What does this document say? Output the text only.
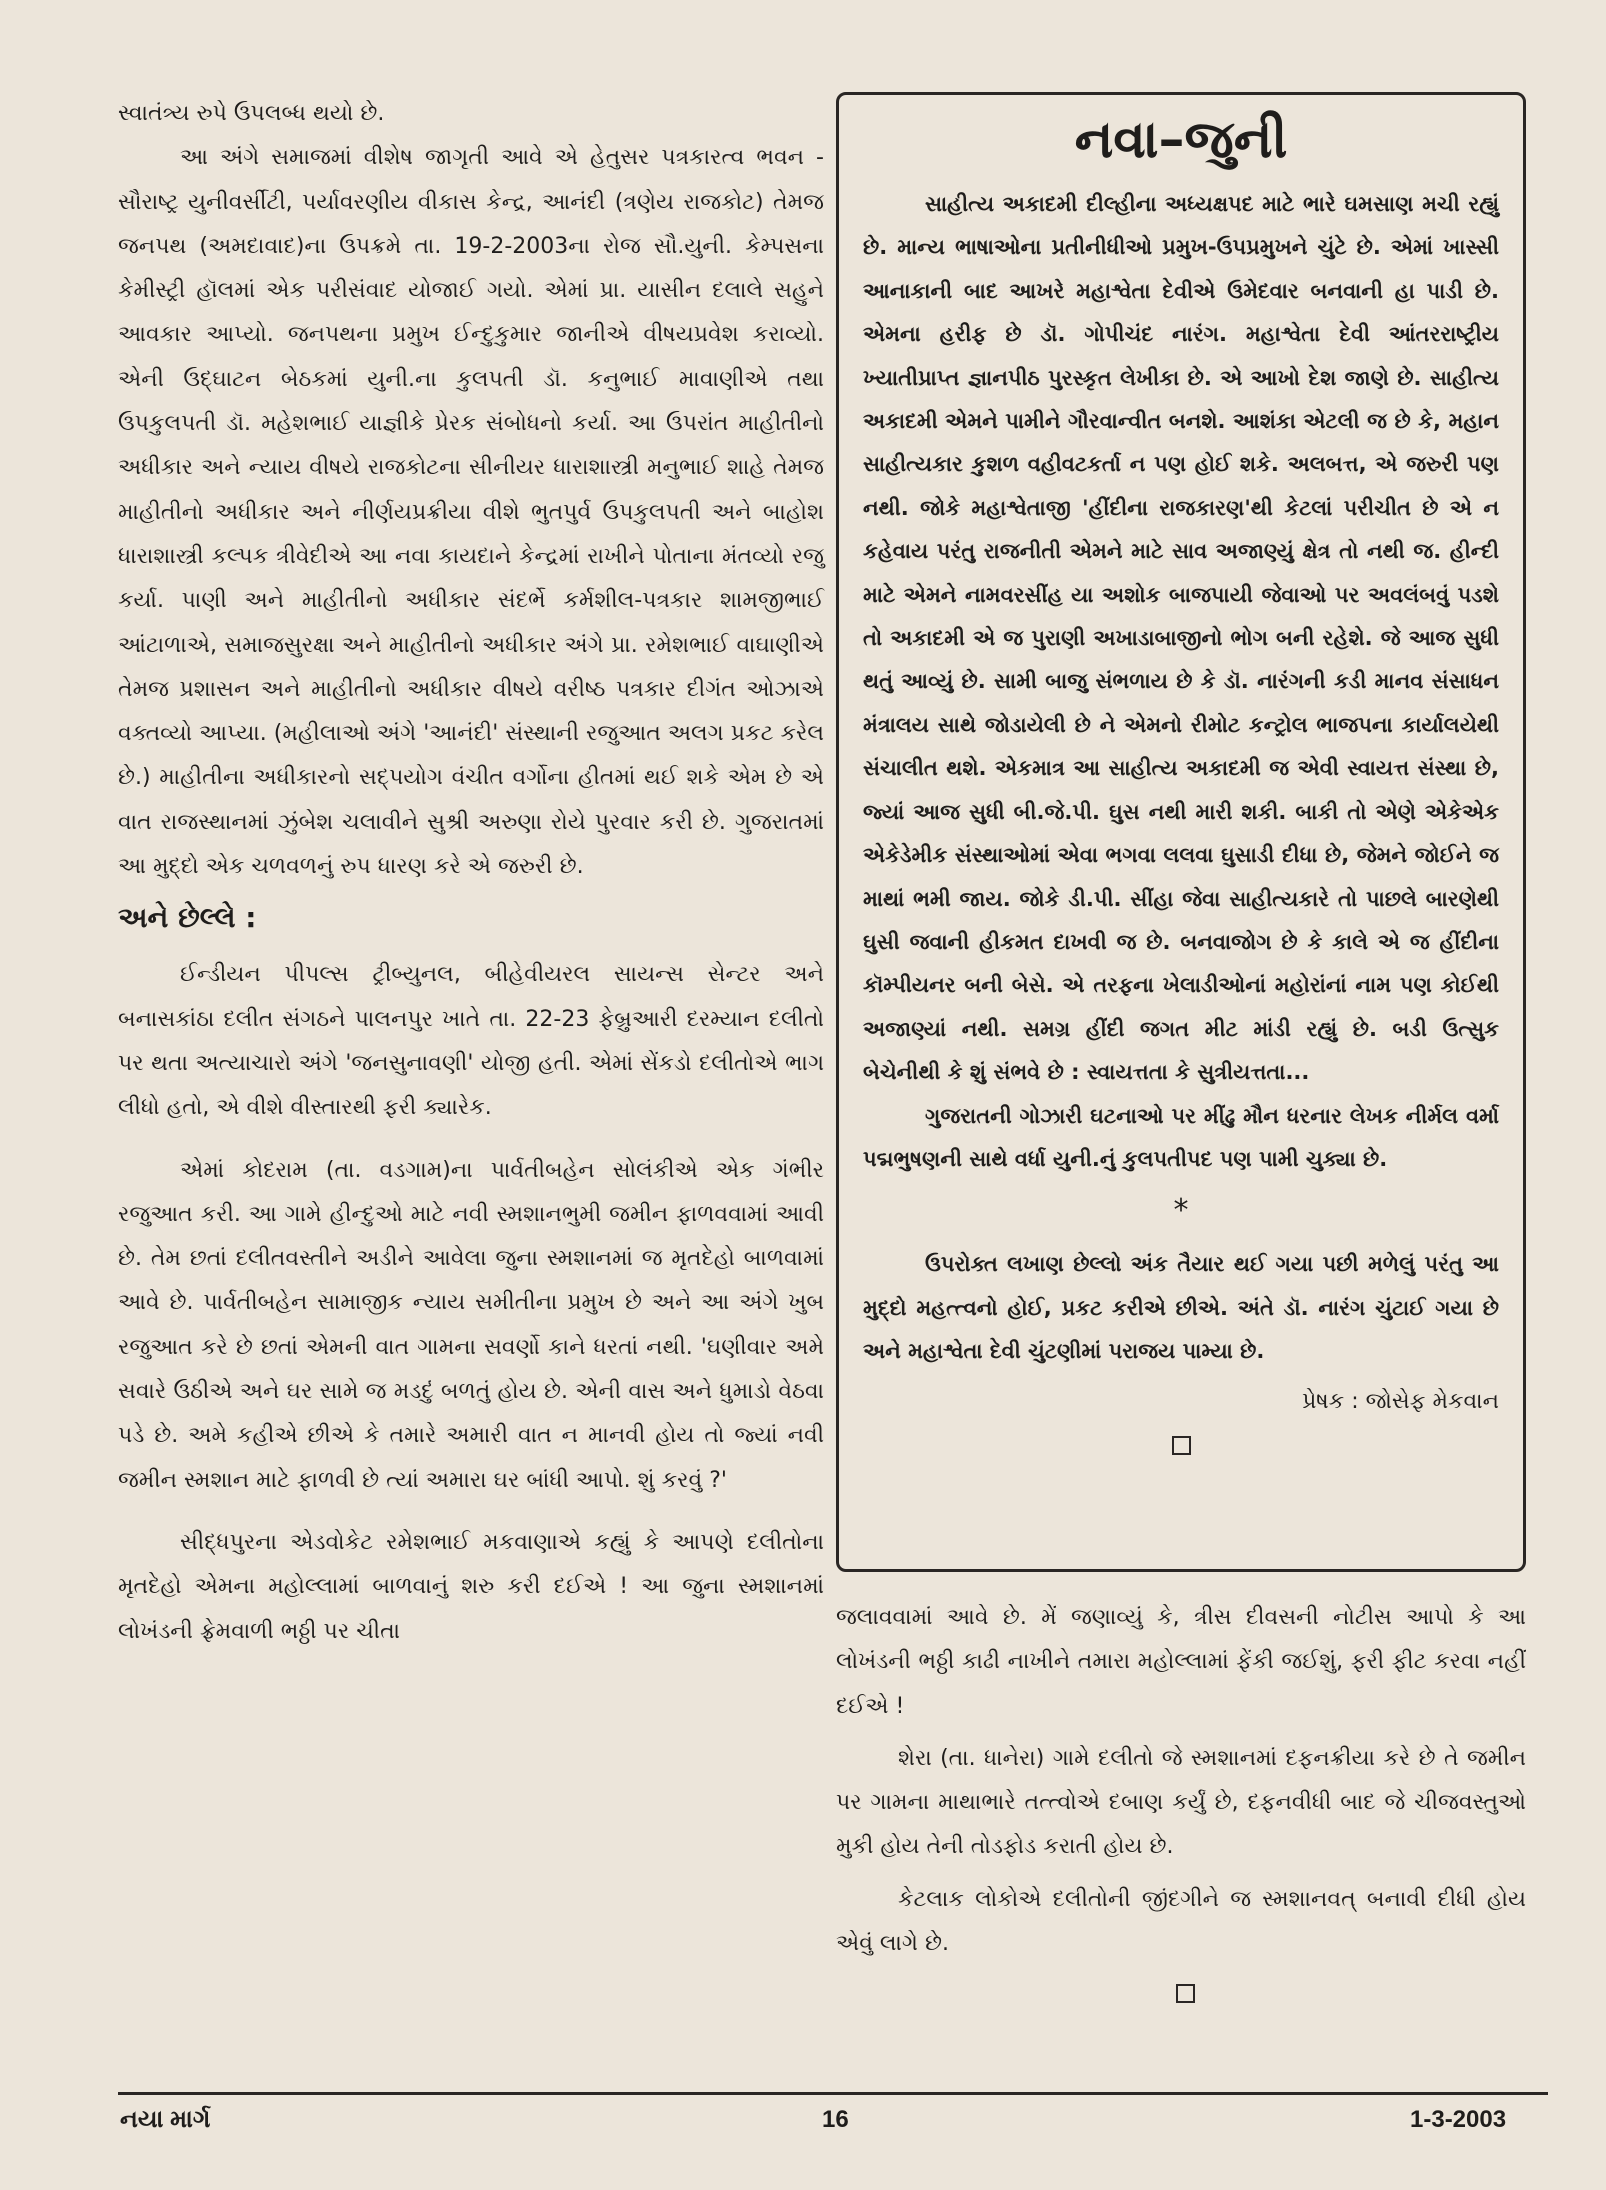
સ્વાતંત્ર્ય રુપે ઉપલબ્ધ થયો છે.

આ અંગે સમાજમાં વીશેષ જાગૃતી આવે એ હેતુસર પત્રકારત્વ ભવન - સૌરાષ્ટ્ર યુનીવર્સીટી, પર્યાવરણીય વીકાસ કેન્દ્ર, આનંદી (ત્રણેય રાજકોટ) તેમજ જનપથ (અમદાવાદ)ના ઉપક્રમે તા. 19-2-2003ના રોજ સૌ.યુની. કેમ્પસના કેમીસ્ટ્રી હૉલમાં એક પરીસંવાદ યોજાઈ ગયો. એમાં પ્રા. યાસીન દલાલે સહુને આવકાર આપ્યો. જનપથના પ્રમુખ ઈન્દુકુમાર જાનીએ વીષયપ્રવેશ કરાવ્યો. એની ઉદ્ઘાટન બેઠકમાં યુની.ના કુલપતી ડૉ. કનુભાઈ માવાણીએ તથા ઉપકુલપતી ડૉ. મહેશભાઈ યાજ્ઞીકે પ્રેરક સંબોધનો કર્યા. આ ઉપરાંત માહીતીનો અધીકાર અને ન્યાય વીષયે રાજકોટના સીનીયર ધારાશાસ્ત્રી મનુભાઈ શાહે તેમજ માહીતીનો અધીકાર અને નીર્ણયપ્રક્રીયા વીશે ભુતપુર્વ ઉપકુલપતી અને બાહોશ ધારાશાસ્ત્રી કલ્પક ત્રીવેદીએ આ નવા કાયદાને કેન્દ્રમાં રાખીને પોતાના મંતવ્યો રજુ કર્યા. પાણી અને માહીતીનો અધીકાર સંદર્ભે કર્મશીલ-પત્રકાર શામજીભાઈ આંટાળાએ, સમાજસુરક્ષા અને માહીતીનો અધીકાર અંગે પ્રા. રમેશભાઈ વાઘાણીએ તેમજ પ્રશાસન અને માહીતીનો અધીકાર વીષયે વરીષ્ઠ પત્રકાર દીગંત ઓઝાએ વક્તવ્યો આપ્યા. (મહીલાઓ અંગે 'આનંદી' સંસ્થાની રજુઆત અલગ પ્રકટ કરેલ છે.) માહીતીના અધીકારનો સદ્‌પયોગ વંચીત વર્ગોના હીતમાં થઈ શકે એમ છે એ વાત રાજસ્થાનમાં ઝુંબેશ ચલાવીને સુશ્રી અરુણા રોયે પુરવાર કરી છે. ગુજરાતમાં આ મુદ્દો એક ચળવળનું રુપ ધારણ કરે એ જરુરી છે.

અને છેલ્લે :

ઈન્ડીયન પીપલ્સ ટ્રીબ્યુનલ, બીહેવીયરલ સાયન્સ સેન્ટર અને બનાસકાંઠા દલીત સંગઠને પાલનપુર ખાતે તા. 22-23 ફેબ્રુઆરી દરમ્યાન દલીતો પર થતા અત્યાચારો અંગે 'જનસુનાવણી' યોજી હતી. એમાં સેંકડો દલીતોએ ભાગ લીધો હતો, એ વીશે વીસ્તારથી ફરી ક્યારેક.

એમાં કોદરામ (તા. વડગામ)ના પાર્વતીબહેન સોલંકીએ એક ગંભીર રજુઆત કરી. આ ગામે હીન્દુઓ માટે નવી સ્મશાનભુમી જમીન ફાળવવામાં આવી છે. તેમ છતાં દલીતવસ્તીને અડીને આવેલા જુના સ્મશાનમાં જ મૃતદેહો બાળવામાં આવે છે. પાર્વતીબહેન સામાજીક ન્યાય સમીતીના પ્રમુખ છે અને આ અંગે ખુબ રજુઆત કરે છે છતાં એમની વાત ગામના સવર્ણો કાને ધરતાં નથી. 'ઘણીવાર અમે સવારે ઉઠીએ અને ઘર સામે જ મડદું બળતું હોય છે. એની વાસ અને ધુમાડો વેઠવા પડે છે. અમે કહીએ છીએ કે તમારે અમારી વાત ન માનવી હોય તો જ્યાં નવી જમીન સ્મશાન માટે ફાળવી છે ત્યાં અમારા ઘર બાંધી આપો. શું કરવું ?'

સીદ્ધપુરના એડવોકેટ રમેશભાઈ મકવાણાએ કહ્યું કે આપણે દલીતોના મૃતદેહો એમના મહોલ્લામાં બાળવાનું શરુ કરી દઈએ ! આ જુના સ્મશાનમાં લોખંડની ફ્રેમવાળી ભઠ્ઠી પર ચીતા

નવા–જુની

સાહીત્ય અકાદમી દીલ્હીના અધ્યક્ષપદ માટે ભારે ઘમસાણ મચી રહ્યું છે. માન્ય ભાષાઓના પ્રતીનીધીઓ પ્રમુખ-ઉપપ્રમુખને ચુંટે છે. એમાં ખાસ્સી આનાકાની બાદ આખરે મહાશ્વેતા દેવીએ ઉમેદવાર બનવાની હા પાડી છે. એમના હરીફ છે ડૉ. ગોપીચંદ નારંગ. મહાશ્વેતા દેવી આંતરરાષ્ટ્રીય ખ્યાતીપ્રાપ્ત જ્ઞાનપીઠ પુરસ્કૃત લેખીકા છે. એ આખો દેશ જાણે છે. સાહીત્ય અકાદમી એમને પામીને ગૌરવાન્વીત બનશે. આશંકા એટલી જ છે કે, મહાન સાહીત્યકાર કુશળ વહીવટકર્તા ન પણ હોઈ શકે. અલબત્ત, એ જરુરી પણ નથી. જોકે મહાશ્વેતાજી 'હીંદીના રાજકારણ'થી કેટલાં પરીચીત છે એ ન કહેવાય પરંતુ રાજનીતી એમને માટે સાવ અજાણ્યું ક્ષેત્ર તો નથી જ. હીન્દી માટે એમને નામવરસીંહ યા અશોક બાજપાયી જેવાઓ પર અવલંબવું પડશે તો અકાદમી એ જ પુરાણી અખાડાબાજીનો ભોગ બની રહેશે. જે આજ સુધી થતું આવ્યું છે. સામી બાજુ સંભળાય છે કે ડૉ. નારંગની કડી માનવ સંસાધન મંત્રાલય સાથે જોડાયેલી છે ને એમનો રીમોટ કન્ટ્રોલ ભાજપના કાર્યાલયેથી સંચાલીત થશે. એકમાત્ર આ સાહીત્ય અકાદમી જ એવી સ્વાયત્ત સંસ્થા છે, જ્યાં આજ સુધી બી.જે.પી. ઘુસ નથી મારી શકી. બાકી તો એણે એકેએક એકેડેમીક સંસ્થાઓમાં એવા ભગવા લલવા ઘુસાડી દીધા છે, જેમને જોઈને જ માથાં ભમી જાય. જોકે ડી.પી. સીંહા જેવા સાહીત્યકારે તો પાછલે બારણેથી ઘુસી જવાની હીકમત દાખવી જ છે. બનવાજોગ છે કે કાલે એ જ હીંદીના કૉમ્પીયનર બની બેસે. એ તરફના ખેલાડીઓનાં મહોરાંનાં નામ પણ કોઈથી અજાણ્યાં નથી. સમગ્ર હીંદી જગત મીટ માંડી રહ્યું છે. બડી ઉત્સુક બેચેનીથી કે શું સંભવે છે : સ્વાયત્તતા કે સુત્રીયત્તતા...

ગુજરાતની ગોઝારી ઘટનાઓ પર મીંઢુ મૌન ધરનાર લેખક નીર્મલ વર્મા પદ્મભુષણની સાથે વર્ધા યુની.નું કુલપતીપદ પણ પામી ચુક્યા છે.

*

ઉપરોક્ત લખાણ છેલ્લો અંક તૈયાર થઈ ગયા પછી મળેલું પરંતુ આ મુદ્દો મહત્ત્વનો હોઈ, પ્રકટ કરીએ છીએ. અંતે ડૉ. નારંગ ચુંટાઈ ગયા છે અને મહાશ્વેતા દેવી ચુંટણીમાં પરાજય પામ્યા છે.

પ્રેષક : જોસેફ મેકવાન

જલાવવામાં આવે છે. મેં જણાવ્યું કે, ત્રીસ દીવસની નોટીસ આપો કે આ લોખંડની ભઠ્ઠી કાઢી નાખીને તમારા મહોલ્લામાં ફેંકી જઈશું, ફરી ફીટ કરવા નહીં દઈએ !

શેરા (તા. ધાનેરા) ગામે દલીતો જે સ્મશાનમાં દફનક્રીયા કરે છે તે જમીન પર ગામના માથાભારે તત્ત્વોએ દબાણ કર્યું છે, દફનવીધી બાદ જે ચીજવસ્તુઓ મુકી હોય તેની તોડફોડ કરાતી હોય છે.

કેટલાક લોકોએ દલીતોની જીંદગીને જ સ્મશાનવત્ બનાવી દીધી હોય એવું લાગે છે.

નયા માર્ગ	16	1-3-2003
